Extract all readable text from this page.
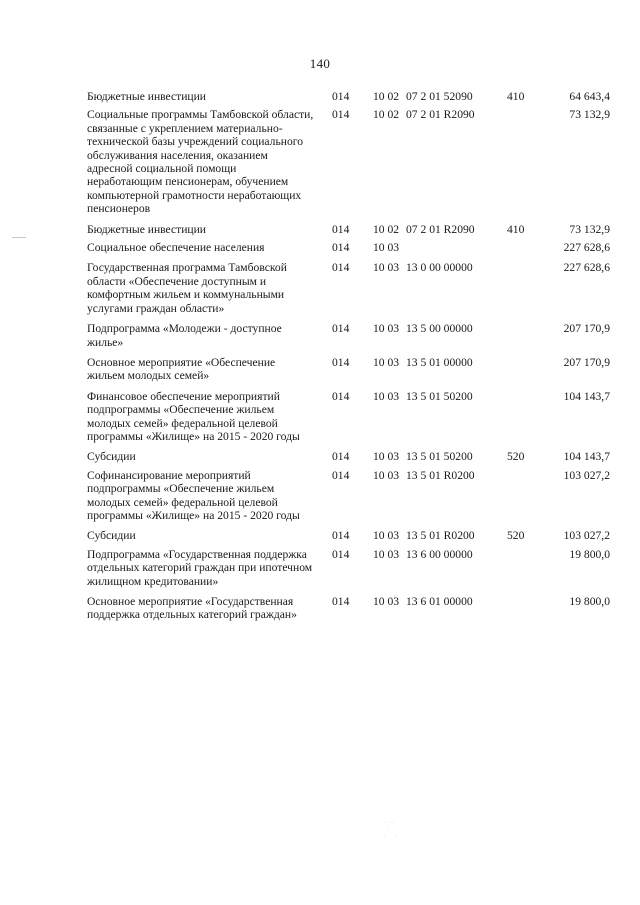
140
Бюджетные инвестиции	014	10 02 07 2 01 52090	410	64 643,4
Социальные программы Тамбовской области, связанные с укреплением материально-технической базы учреждений социального обслуживания населения, оказанием адресной социальной помощи неработающим пенсионерам, обучением компьютерной грамотности неработающих пенсионеров
014	10 02 07 2 01 R2090	73 132,9
Бюджетные инвестиции	014	10 02 07 2 01 R2090	410	73 132,9
Социальное обеспечение населения	014	10 03	227 628,6
Государственная программа Тамбовской области «Обеспечение доступным и комфортным жильем и коммунальными услугами граждан области»
014	10 03 13 0 00 00000	227 628,6
Подпрограмма «Молодежи - доступное жилье»
014	10 03 13 5 00 00000	207 170,9
Основное мероприятие «Обеспечение жильем молодых семей»
014	10 03 13 5 01 00000	207 170,9
Финансовое обеспечение мероприятий подпрограммы «Обеспечение жильем молодых семей» федеральной целевой программы «Жилище» на 2015 - 2020 годы
014	10 03 13 5 01 50200	104 143,7
Субсидии	014	10 03 13 5 01 50200	520	104 143,7
Софинансирование мероприятий подпрограммы «Обеспечение жильем молодых семей» федеральной целевой программы «Жилище» на 2015 - 2020 годы
014	10 03 13 5 01 R0200	103 027,2
Субсидии	014	10 03 13 5 01 R0200	520	103 027,2
Подпрограмма «Государственная поддержка отдельных категорий граждан при ипотечном жилищном кредитовании»
014	10 03 13 6 00 00000	19 800,0
Основное мероприятие «Государственная поддержка отдельных категорий граждан»
014	10 03 13 6 01 00000	19 800,0
·  · ·
·   ·
·      ·
